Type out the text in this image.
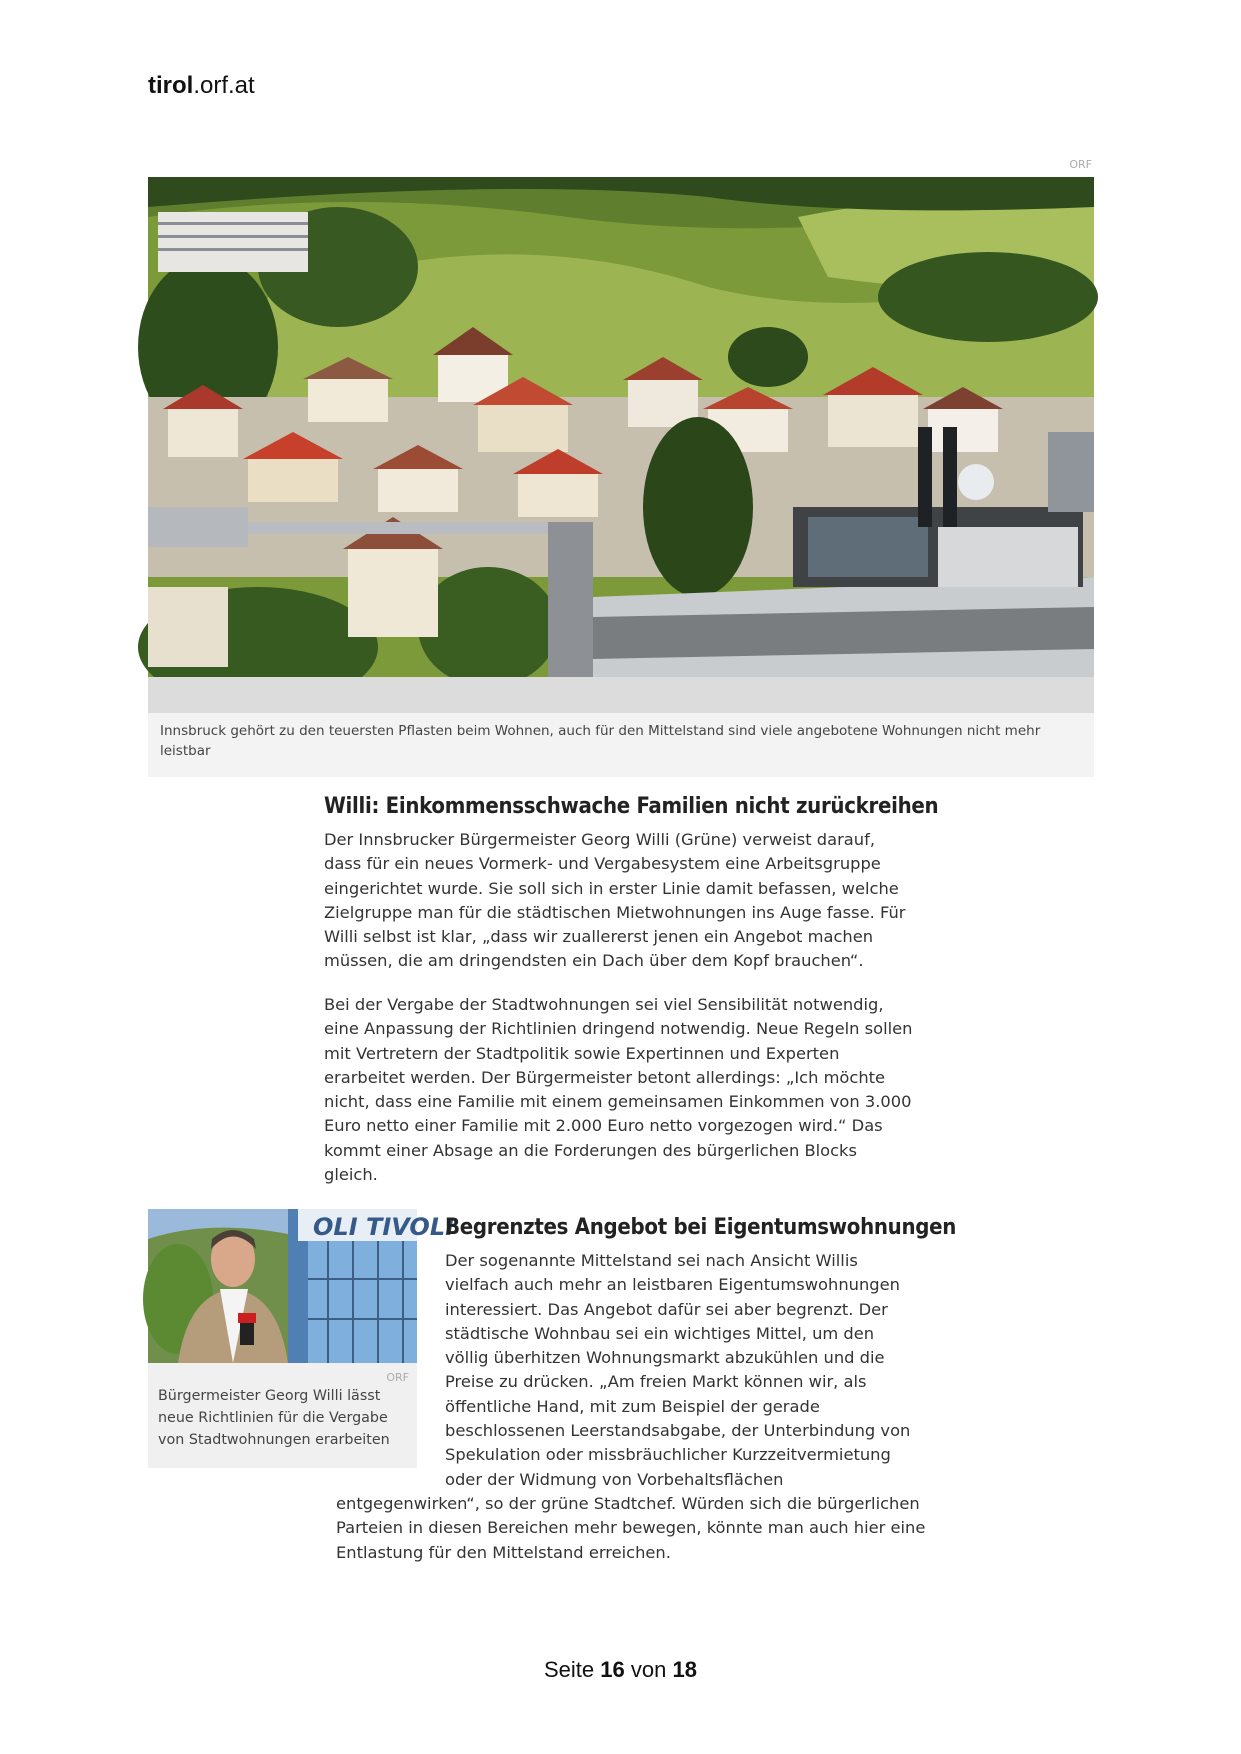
tirol.orf.at
ORF
Innsbruck gehört zu den teuersten Pflasten beim Wohnen, auch für den Mittelstand sind viele angebotene Wohnungen nicht mehr leistbar
Willi: Einkommensschwache Familien nicht zurückreihen

Der Innsbrucker Bürgermeister Georg Willi (Grüne) verweist darauf, dass für ein neues Vormerk- und Vergabesystem eine Arbeitsgruppe eingerichtet wurde. Sie soll sich in erster Linie damit befassen, welche Zielgruppe man für die städtischen Mietwohnungen ins Auge fasse. Für Willi selbst ist klar, „dass wir zuallererst jenen ein Angebot machen müssen, die am dringendsten ein Dach über dem Kopf brauchen“.

Bei der Vergabe der Stadtwohnungen sei viel Sensibilität notwendig, eine Anpassung der Richtlinien dringend notwendig. Neue Regeln sollen mit Vertretern der Stadtpolitik sowie Expertinnen und Experten erarbeitet werden. Der Bürgermeister betont allerdings: „Ich möchte nicht, dass eine Familie mit einem gemeinsamen Einkommen von 3.000 Euro netto einer Familie mit 2.000 Euro netto vorgezogen wird.“ Das kommt einer Absage an die Forderungen des bürgerlichen Blocks gleich.

OLI TIVOLI
ORF
Bürgermeister Georg Willi lässt neue Richtlinien für die Vergabe von Stadtwohnungen erarbeiten
Begrenztes Angebot bei Eigentumswohnungen

Der sogenannte Mittelstand sei nach Ansicht Willis vielfach auch mehr an leistbaren Eigentumswohnungen interessiert. Das Angebot dafür sei aber begrenzt. Der städtische Wohnbau sei ein wichtiges Mittel, um den völlig überhitzen Wohnungsmarkt abzukühlen und die Preise zu drücken. „Am freien Markt können wir, als öffentliche Hand, mit zum Beispiel der gerade beschlossenen Leerstandsabgabe, der Unterbindung von Spekulation oder missbräuchlicher Kurzzeitvermietung oder der Widmung von Vorbehaltsflächen

entgegenwirken“, so der grüne Stadtchef. Würden sich die bürgerlichen Parteien in diesen Bereichen mehr bewegen, könnte man auch hier eine Entlastung für den Mittelstand erreichen.

Seite 16 von 18
